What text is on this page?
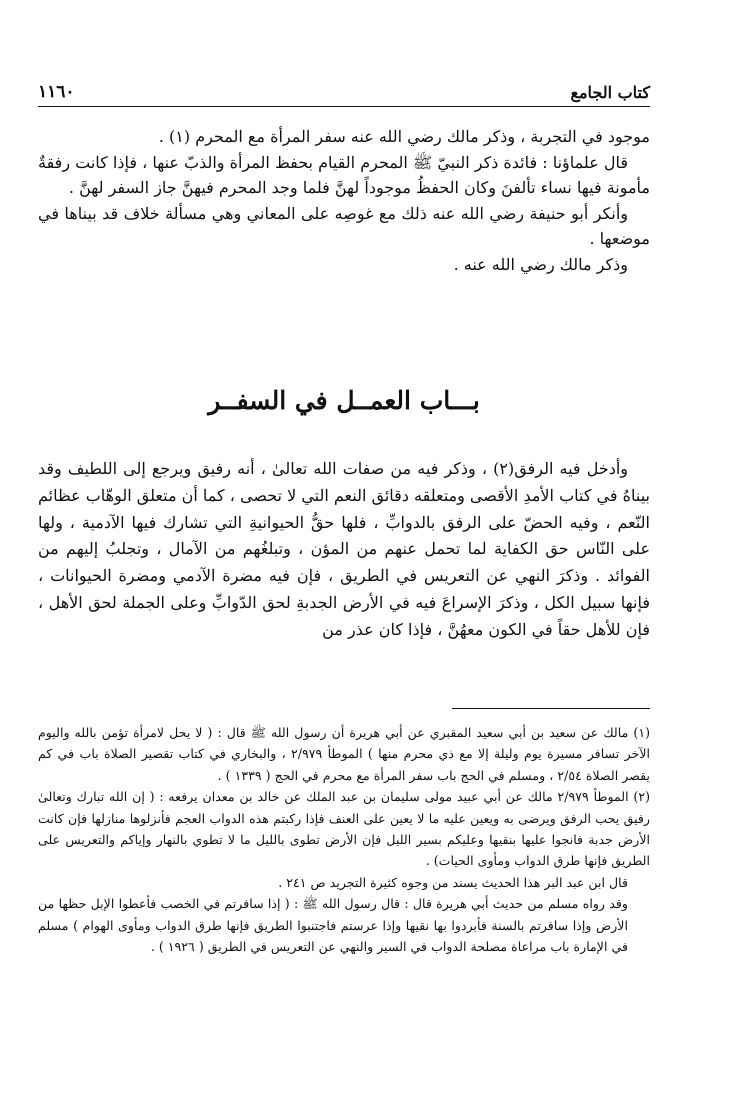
كتاب الجامع
١١٦٠

موجود في التجربة ، وذكر مالك رضي الله عنه سفر المرأة مع المحرم (١) .

قال علماؤنا : فائدة ذكر النبيّ ﷺ المحرم القيام بحفظ المرأة والذبّ عنها ، فإذا كانت رفقةٌ مأمونة فيها نساء تألفنَ وكان الحفظُ موجوداً لهنَّ فلما وجد المحرم فيهنَّ جاز السفر لهنَّ .

وأنكر أبو حنيفة رضي الله عنه ذلك مع غوصِه على المعاني وهي مسألة خلاف قد بيناها في موضعها .

وذكر مالك رضي الله عنه .

بـــاب العمــل في السفــر

وأدخل فيه الرفق(٢) ، وذكر فيه من صفات الله تعالىٰ ، أنه رفيق ويرجع إلى اللطيف وقد بيناهُ في كتاب الأمدِ الأقصى ومتعلقه دقائق النعم التي لا تحصى ، كما أن متعلق الوهّاب عظائم النّعم ، وفيه الحضّ على الرفق بالدوابِّ ، فلها حقُّ الحيوانيةِ التي تشارك فيها الآدمية ، ولها على النّاس حق الكفاية لما تحمل عنهم من المؤن ، وتبلغُهم من الآمال ، وتجلبُ إليهم من الفوائد . وذكرَ النهي عن التعريس في الطريق ، فإن فيه مضرة الآدمي ومضرة الحيوانات ، فإنها سبيل الكل ، وذكرَ الإسراعَ فيه في الأرض الجدبةِ لحق الدّوابِّ وعلى الجملة لحق الأهل ، فإن للأهل حقاً في الكون معهُنَّ ، فإذا كان عذر من

(١) مالك عن سعيد بن أبي سعيد المقبري عن أبي هريرة أن رسول الله ﷺ قال : ( لا يحل لامرأة تؤمن بالله واليوم الآخر تسافر مسيرة يوم وليلة إلا مع ذي محرم منها ) الموطأ ٢/٩٧٩ ، والبخاري في كتاب تقصير الصلاة باب في كم يقصر الصلاة ٢/٥٤ ، ومسلم في الحج باب سفر المرأة مع محرم في الحج ( ١٣٣٩ ) .

(٢) الموطأ ٢/٩٧٩ مالك عن أبي عبيد مولى سليمان بن عبد الملك عن خالد بن معدان يرفعه : ( إن الله تبارك وتعالىٰ رفيق يحب الرفق ويرضى به ويعين عليه ما لا يعين على العنف فإذا ركبتم هذه الدواب العجم فأنزلوها منازلها فإن كانت الأرض جدبة فانجوا عليها بنقيها وعليكم بسير الليل فإن الأرض تطوى بالليل ما لا تطوي بالنهار وإياكم والتعريس على الطريق فإنها طرق الدواب ومأوى الحيات) .

قال ابن عبد البر هذا الحديث يسند من وجوه كثيرة التجريد ص ٢٤١ .

وقد رواه مسلم من حديث أبي هريرة قال : قال رسول الله ﷺ : ( إذا سافرتم في الخصب فأعطوا الإبل حظها من الأرض وإذا سافرتم بالسنة فأبردوا بها نقيها وإذا عرستم فاجتنبوا الطريق فإنها طرق الدواب ومأوى الهوام ) مسلم في الإمارة باب مراعاة مصلحة الدواب في السير والنهي عن التعريس في الطريق ( ١٩٢٦ ) .
